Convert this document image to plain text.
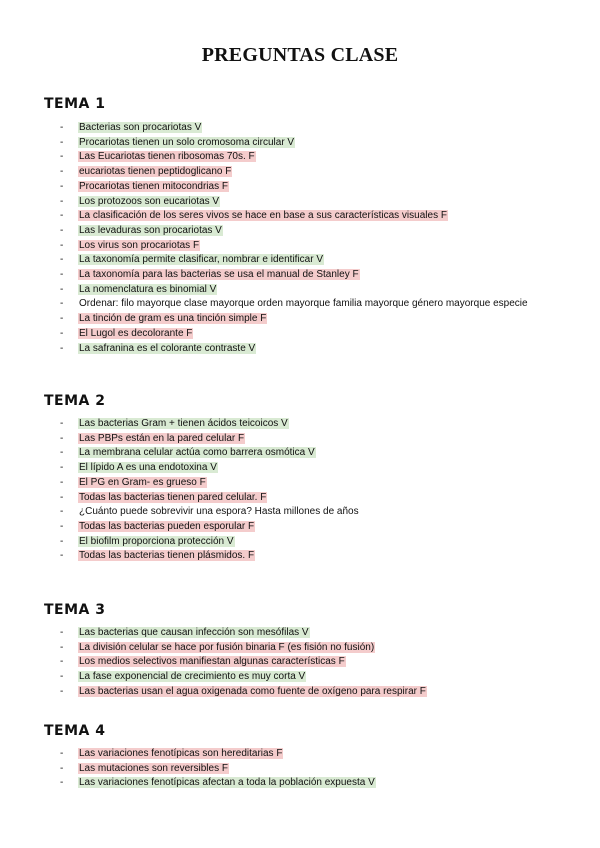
PREGUNTAS CLASE
TEMA 1
-	Bacterias son procariotas V
-	Procariotas tienen un solo cromosoma circular V
-	Las Eucariotas tienen ribosomas 70s. F
-	eucariotas tienen peptidoglicano F
-	Procariotas tienen mitocondrias F
-	Los protozoos son eucariotas V
-	La clasificación de los seres vivos se hace en base a sus características visuales F
-	Las levaduras son procariotas V
-	Los virus son procariotas F
-	La taxonomía permite clasificar, nombrar e identificar V
-	La taxonomía para las bacterias se usa el manual de Stanley F
-	La nomenclatura es binomial V
-	Ordenar: filo mayorque clase mayorque orden mayorque familia mayorque género mayorque especie
-	La tinción de gram es una tinción simple F
-	El Lugol es decolorante F
-	La safranina es el colorante contraste V
TEMA 2
-	Las bacterias Gram + tienen ácidos teicoicos V
-	Las PBPs están en la pared celular F
-	La membrana celular actúa como barrera osmótica V
-	El lípido A es una endotoxina V
-	El PG en Gram- es grueso F
-	Todas las bacterias tienen pared celular. F
-	¿Cuánto puede sobrevivir una espora? Hasta millones de años
-	Todas las bacterias pueden esporular F
-	El biofilm proporciona protección V
-	Todas las bacterias tienen plásmidos. F
TEMA 3
-	Las bacterias que causan infección son mesófilas V
-	La división celular se hace por fusión binaria F (es fisión no fusión)
-	Los medios selectivos manifiestan algunas características F
-	La fase exponencial de crecimiento es muy corta V
-	Las bacterias usan el agua oxigenada como fuente de oxígeno para respirar F
TEMA 4
-	Las variaciones fenotípicas son hereditarias F
-	Las mutaciones son reversibles F
-	Las variaciones fenotípicas afectan a toda la población expuesta V
